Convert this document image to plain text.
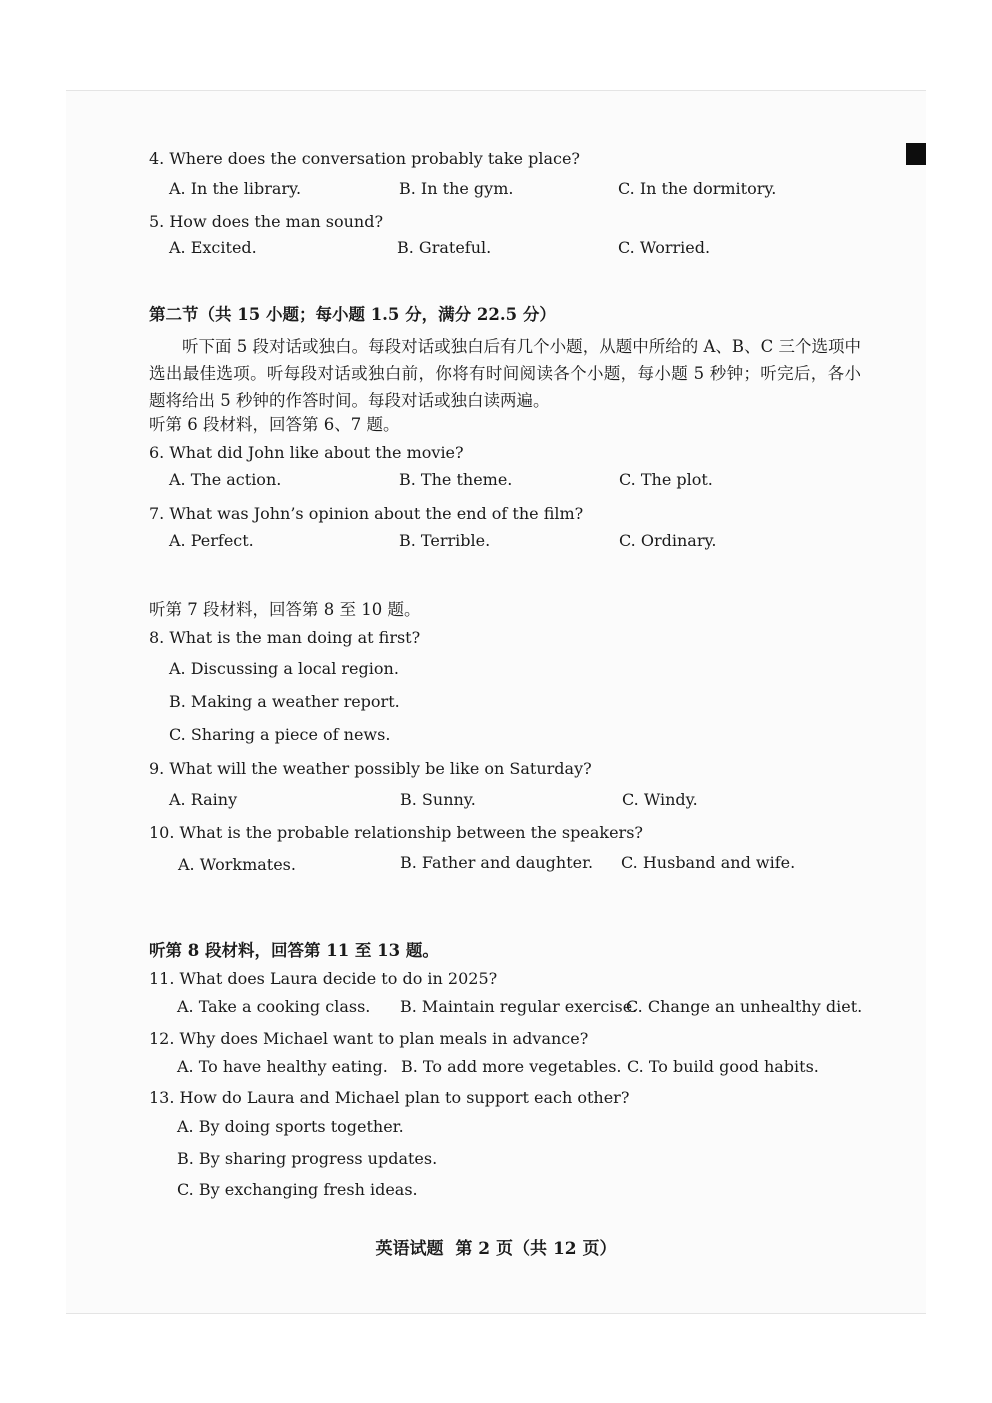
4. Where does the conversation probably take place?
A. In the library.	B. In the gym.	C. In the dormitory.
5. How does the man sound?
A. Excited.	B. Grateful.	C. Worried.
第二节（共 15 小题；每小题 1.5 分，满分 22.5 分）
听下面 5 段对话或独白。每段对话或独白后有几个小题，从题中所给的 A、B、C 三个选项中选出最佳选项。听每段对话或独白前，你将有时间阅读各个小题，每小题 5 秒钟；听完后，各小题将给出 5 秒钟的作答时间。每段对话或独白读两遍。
听第 6 段材料，回答第 6、7 题。
6. What did John like about the movie?
A. The action.	B. The theme.	C. The plot.
7. What was John’s opinion about the end of the film?
A. Perfect.	B. Terrible.	C. Ordinary.
听第 7 段材料，回答第 8 至 10 题。
8. What is the man doing at first?
A. Discussing a local region.
B. Making a weather report.
C. Sharing a piece of news.
9. What will the weather possibly be like on Saturday?
A. Rainy	B. Sunny.	C. Windy.
10. What is the probable relationship between the speakers?
A. Workmates.	B. Father and daughter. C. Husband and wife.
听第 8 段材料，回答第 11 至 13 题。
11. What does Laura decide to do in 2025?
A. Take a cooking class. B. Maintain regular exercise.
C. Change an unhealthy diet.
12. Why does Michael want to plan meals in advance?
A. To have healthy eating. B. To add more vegetables. C. To build good habits.
13. How do Laura and Michael plan to support each other?
A. By doing sports together.
B. By sharing progress updates.
C. By exchanging fresh ideas.
英语试题 第 2 页（共 12 页）
